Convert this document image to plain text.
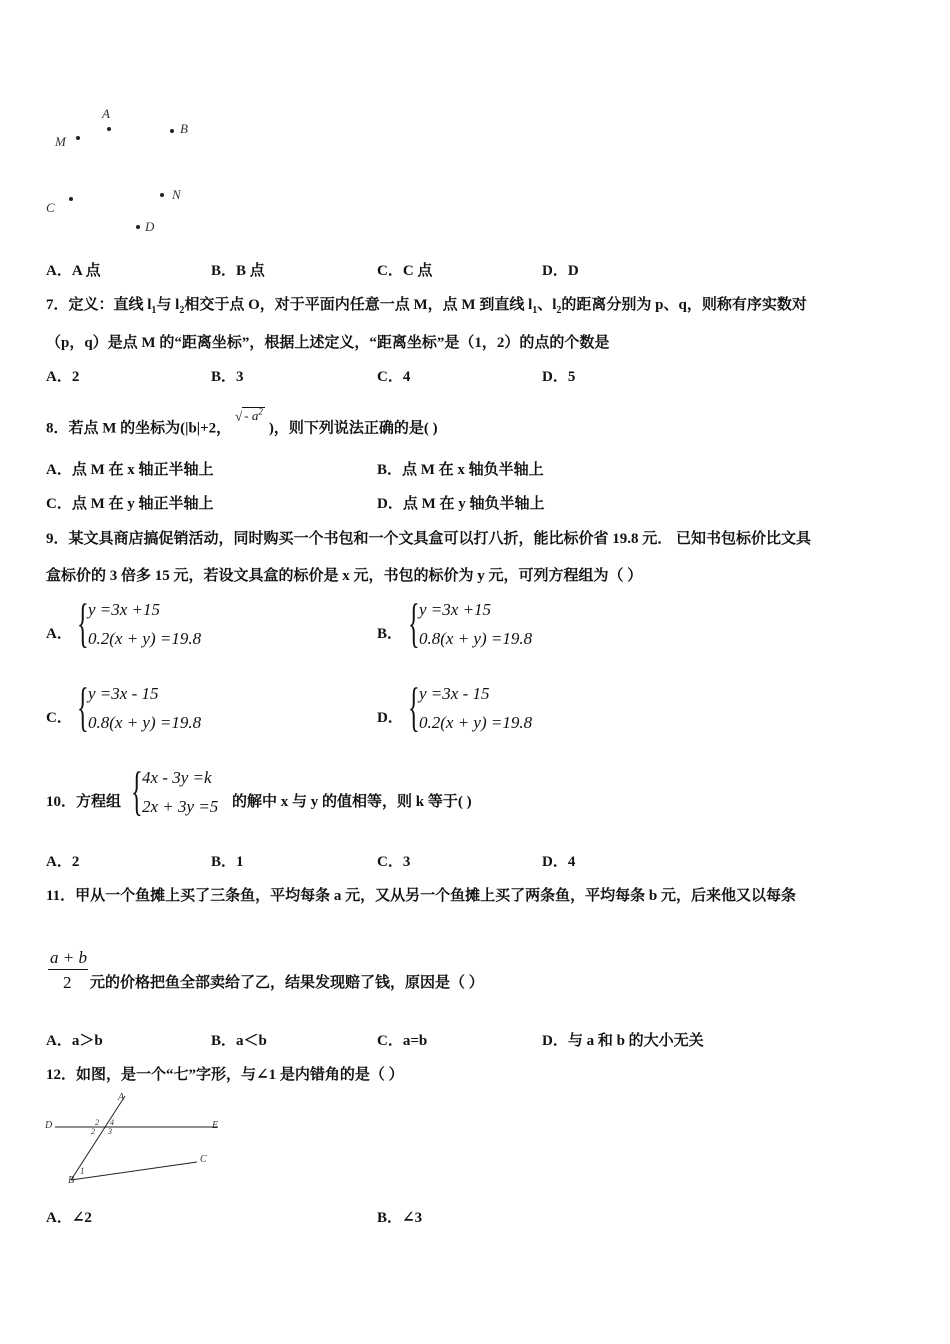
A
M
B
C
N
D
A．A 点	B．B 点	C．C 点	D．D
7．定义：直线 $l_1$与 $l_2$相交于点 O，对于平面内任意一点 M，点 M 到直线 $l_1$、$l_2$的距离分别为 p、q，则称有序实数对
（p，q）是点 M 的“距离坐标”，根据上述定义，“距离坐标”是（1，2）的点的个数是
A．2	B．3	C．4	D．5
8．若点 M 的坐标为(|b|+2，√ - $a^2$)，则下列说法正确的是( )
A．点 M 在 x 轴正半轴上	B．点 M 在 x 轴负半轴上
C．点 M 在 y 轴正半轴上	D．点 M 在 y 轴负半轴上
9．某文具商店搞促销活动，同时购买一个书包和一个文具盒可以打八折，能比标价省 19.8 元． 已知书包标价比文具
盒标价的 3 倍多 15 元，若设文具盒的标价是 x 元，书包的标价为 y 元，可列方程组为（ ）
A． { y =3x +15
0.2(x + y) =19.8	B． { y =3x +15
0.8(x + y) =19.8
C． { y =3x - 15
0.8(x + y) =19.8	D． { y =3x - 15
0.2(x + y) =19.8
10．方程组 { 4x - 3y =k
2x + 3y =5 的解中 x 与 y 的值相等，则 k 等于( )
A．2	B．1	C．3	D．4
11．甲从一个鱼摊上买了三条鱼，平均每条 a 元，又从另一个鱼摊上买了两条鱼，平均每条 b 元，后来他又以每条
a + b
2 元的价格把鱼全部卖给了乙，结果发现赔了钱，原因是（ ）
A．a＞b	B．a＜b	C．a=b	D．与 a 和 b 的大小无关
12．如图，是一个“七”字形，与∠1 是内错角的是（ ）
A
D	E
C
B
1
2
3
4
2
A．∠2	B．∠3
